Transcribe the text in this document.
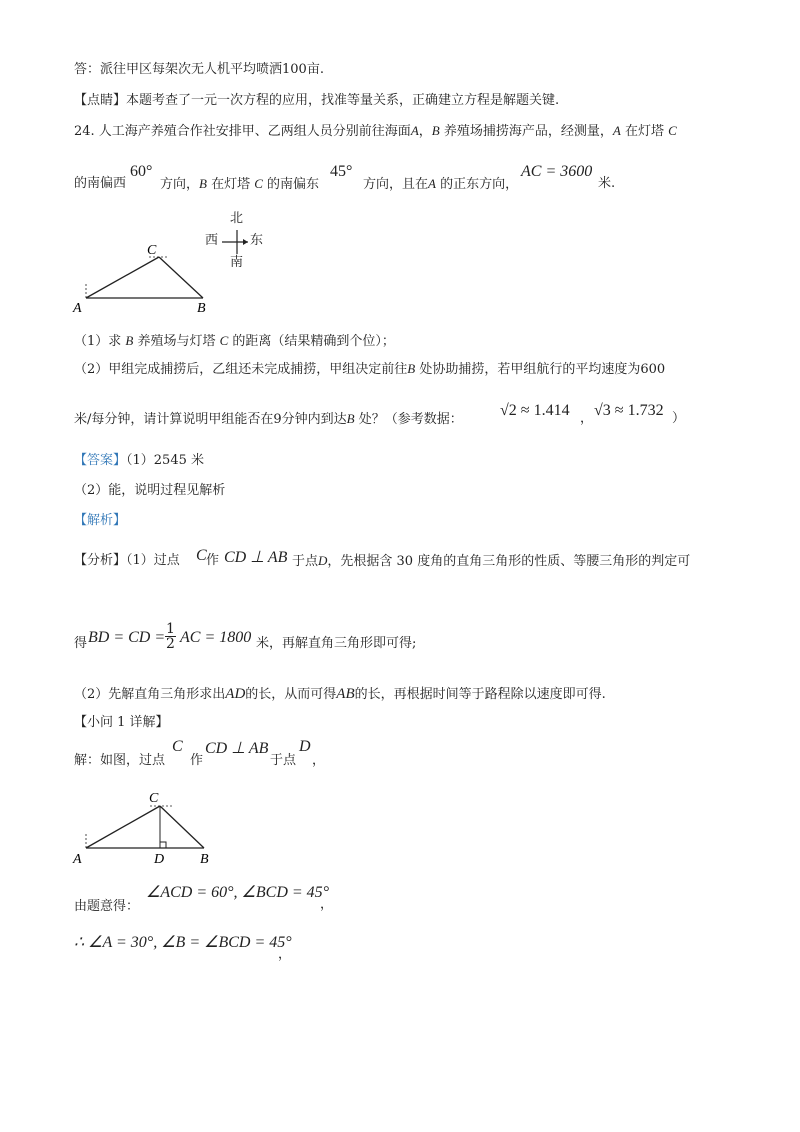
答：派往甲区每架次无人机平均喷洒100亩.
【点睛】本题考查了一元一次方程的应用，找准等量关系，正确建立方程是解题关键.
24. 人工海产养殖合作社安排甲、乙两组人员分别前往海面A，B 养殖场捕捞海产品，经测量，A 在灯塔 C
的南偏西
60°
方向，B 在灯塔 C 的南偏东
45°
方向，且在A 的正东方向，
AC = 3600
米.
C
A	B
北
西 东
南
（1）求 B 养殖场与灯塔 C 的距离（结果精确到个位）；
（2）甲组完成捕捞后，乙组还未完成捕捞，甲组决定前往B 处协助捕捞，若甲组航行的平均速度为600
米/每分钟，请计算说明甲组能否在9分钟内到达B 处？（参考数据：
√2 ≈ 1.414 ， √3 ≈ 1.732 ）
【答案】（1）2545 米
（2）能，说明过程见解析
【解析】
【分析】（1）过点 C 作 CD ⊥ AB 于点D，先根据含 30 度角的直角三角形的性质、等腰三角形的判定可
得 BD = CD = $\frac{1}{2}$ AC = 1800 米，再解直角三角形即可得;
（2）先解直角三角形求出AD的长，从而可得AB的长，再根据时间等于路程除以速度即可得.
【小问 1 详解】
解：如图，过点
C
作
CD ⊥ AB
于点
D
，
C
A	D	B
由题意得：
∠ACD = 60°, ∠BCD = 45°
，
∴ ∠A = 30°, ∠B = ∠BCD = 45°
，
